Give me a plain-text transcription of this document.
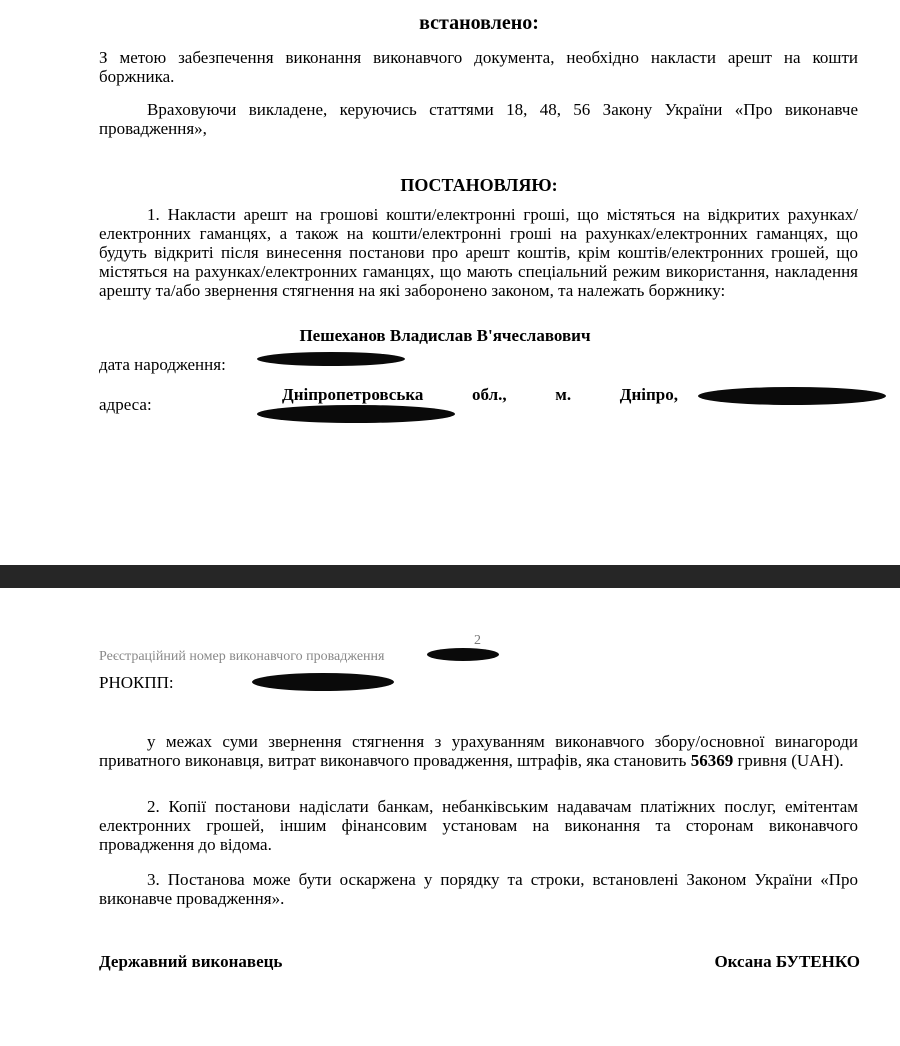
встановлено:
З метою забезпечення виконання виконавчого документа, необхідно накласти арешт на кошти боржника.
Враховуючи викладене, керуючись статтями 18, 48, 56 Закону України «Про виконавче провадження»,
ПОСТАНОВЛЯЮ:
1. Накласти арешт на грошові кошти/електронні гроші, що містяться на відкритих рахунках/електронних гаманцях, а також на кошти/електронні гроші на рахунках/електронних гаманцях, що будуть відкриті після винесення постанови про арешт коштів, крім коштів/електронних грошей, що містяться на рахунках/електронних гаманцях, що мають спеціальний режим використання, накладення арешту та/або звернення стягнення на які заборонено законом, та належать боржнику:
Пешеханов Владислав В'ячеславович
дата народження:
адреса:
Дніпропетровська обл., м. Дніпро,
2
Реєстраційний номер виконавчого провадження
РНОКПП:
у межах суми звернення стягнення з урахуванням виконавчого збору/основної винагороди приватного виконавця, витрат виконавчого провадження, штрафів, яка становить 56369 гривня (UAH).
2. Копії постанови надіслати банкам, небанківським надавачам платіжних послуг, емітентам електронних грошей, іншим фінансовим установам на виконання та сторонам виконавчого провадження до відома.
3. Постанова може бути оскаржена у порядку та строки, встановлені Законом України «Про виконавче провадження».
Державний виконавець	Оксана БУТЕНКО
